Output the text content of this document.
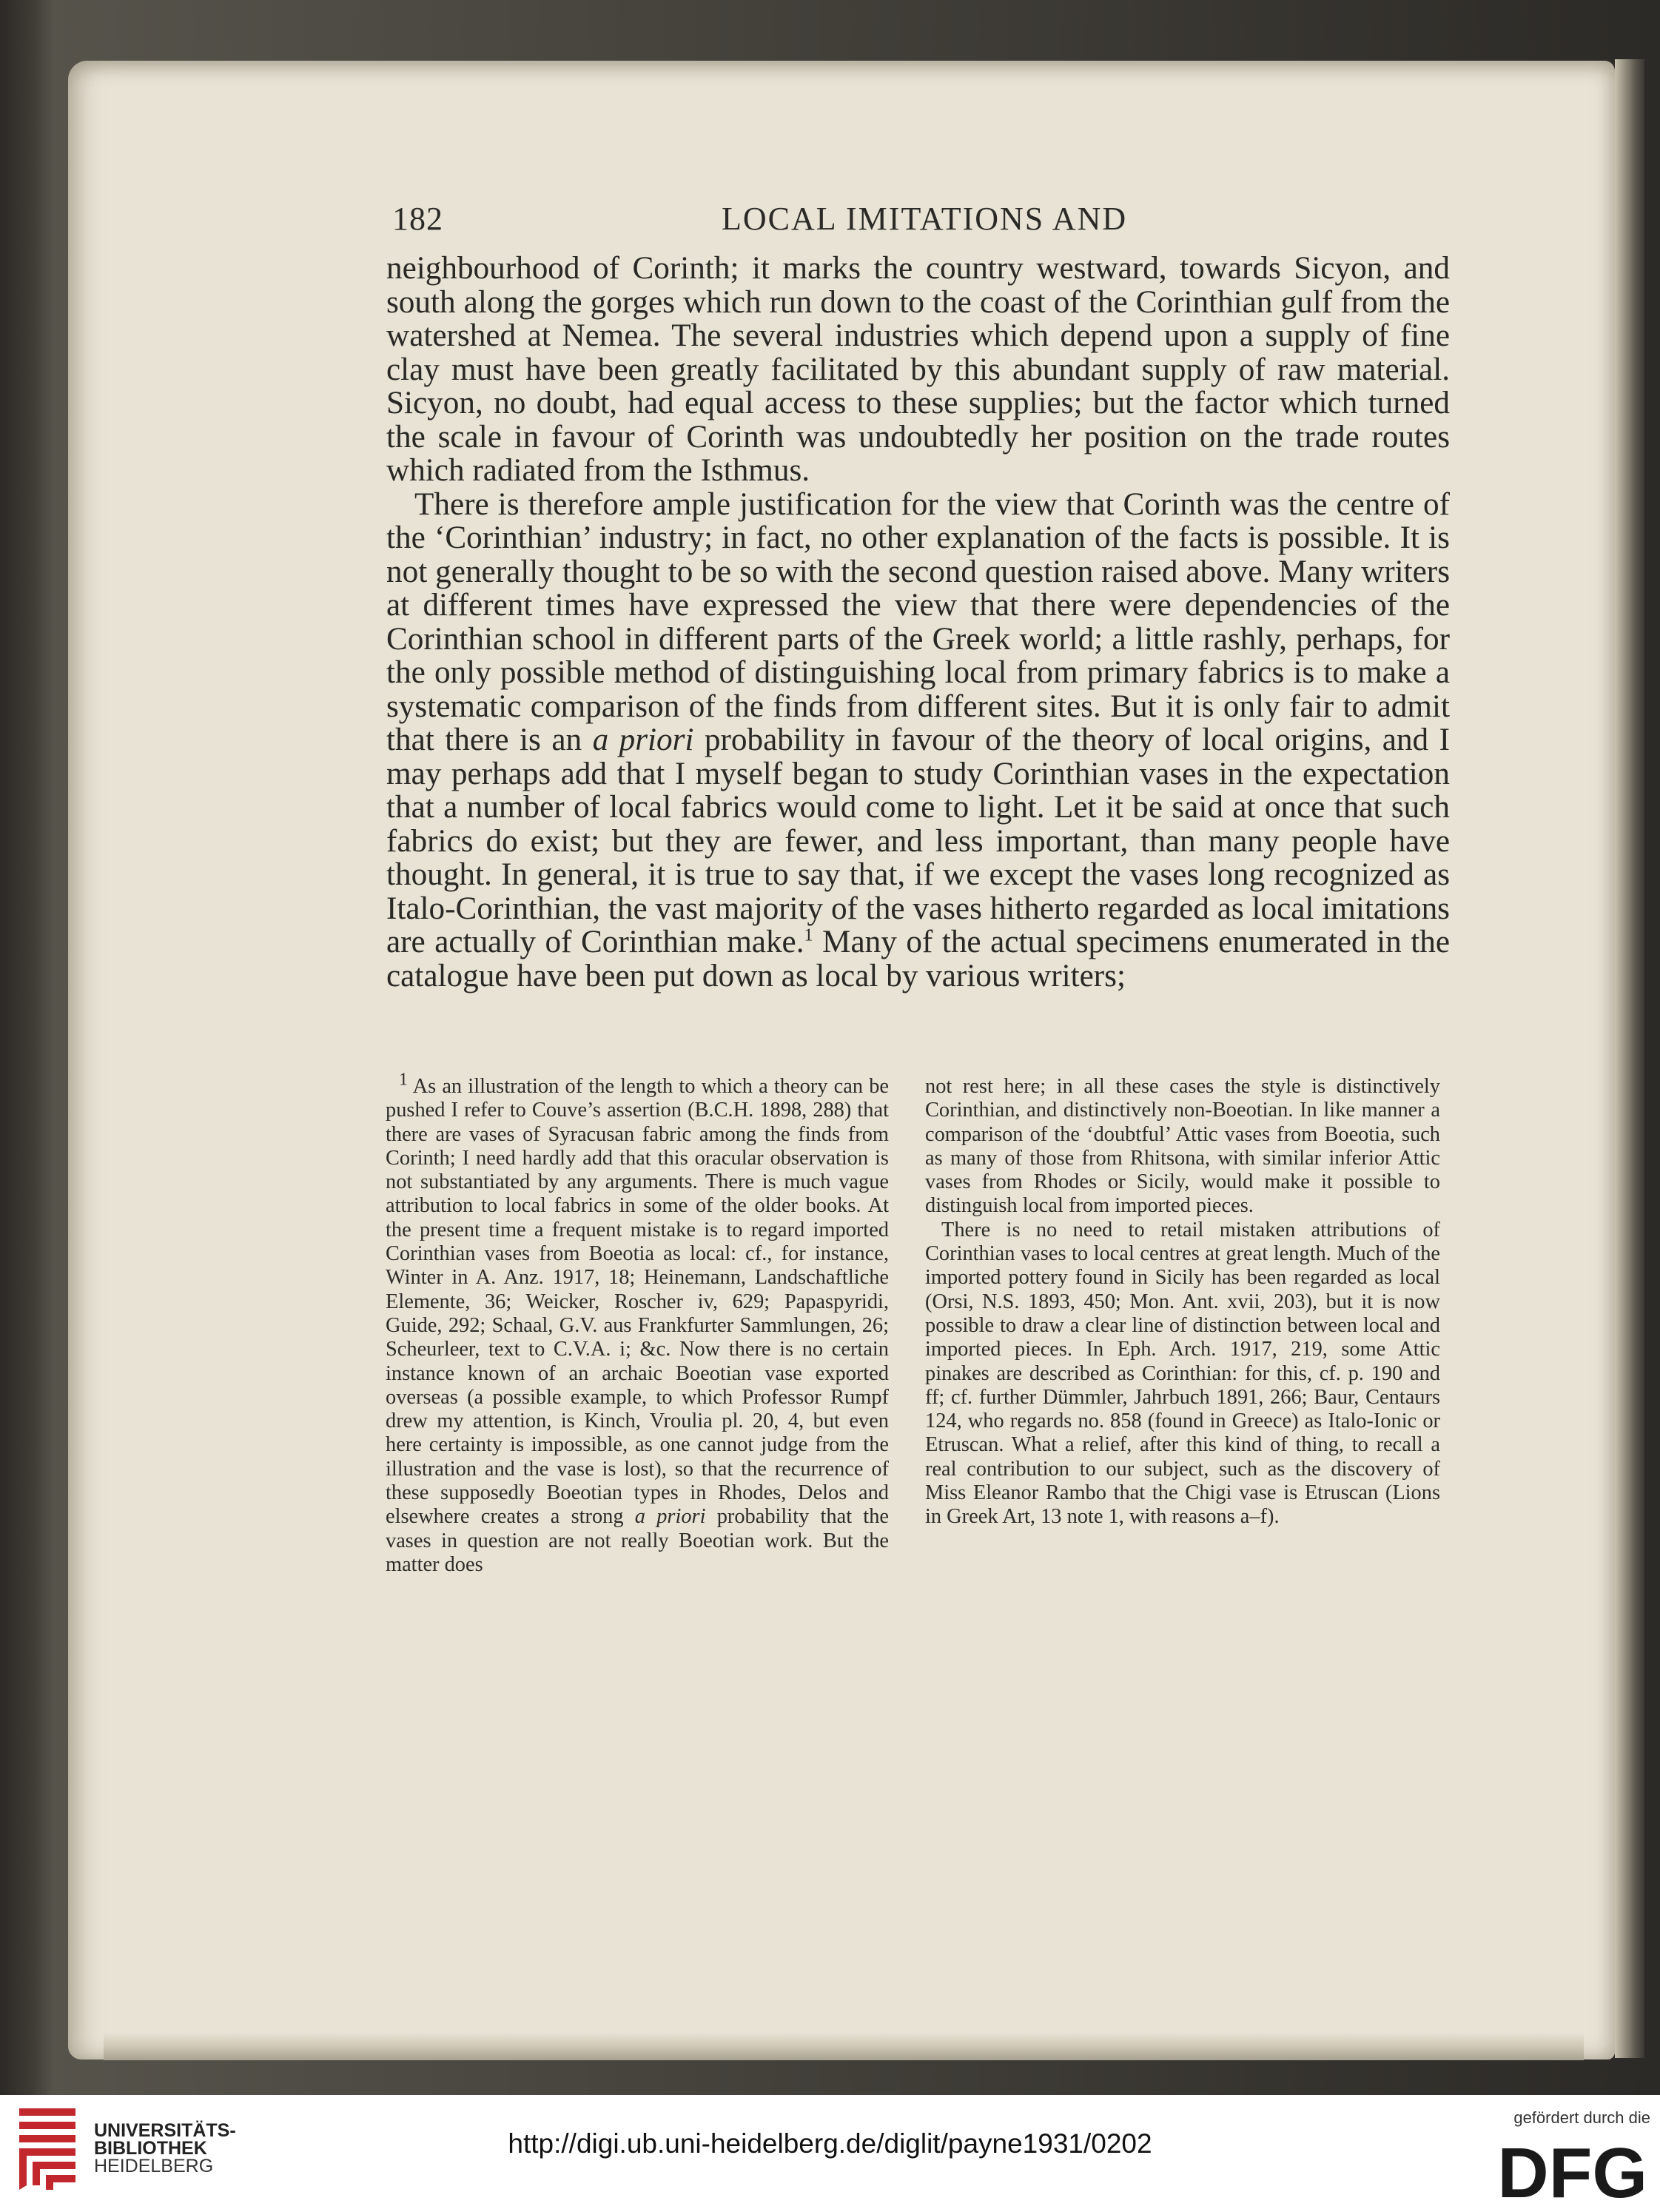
182	LOCAL IMITATIONS AND

neighbourhood of Corinth; it marks the country westward, towards Sicyon, and south along the gorges which run down to the coast of the Corinthian gulf from the watershed at Nemea. The several industries which depend upon a supply of fine clay must have been greatly facilitated by this abundant supply of raw material. Sicyon, no doubt, had equal access to these supplies; but the factor which turned the scale in favour of Corinth was undoubtedly her position on the trade routes which radiated from the Isthmus.

There is therefore ample justification for the view that Corinth was the centre of the ‘Corinthian’ industry; in fact, no other explanation of the facts is possible. It is not generally thought to be so with the second question raised above. Many writers at different times have expressed the view that there were dependencies of the Corinthian school in different parts of the Greek world; a little rashly, perhaps, for the only possible method of distinguishing local from primary fabrics is to make a systematic comparison of the finds from different sites. But it is only fair to admit that there is an a priori probability in favour of the theory of local origins, and I may perhaps add that I myself began to study Corinthian vases in the expectation that a number of local fabrics would come to light. Let it be said at once that such fabrics do exist; but they are fewer, and less important, than many people have thought. In general, it is true to say that, if we except the vases long recognized as Italo-Corinthian, the vast majority of the vases hitherto regarded as local imitations are actually of Corinthian make.$^1$ Many of the actual specimens enumerated in the catalogue have been put down as local by various writers;

$^1$ As an illustration of the length to which a theory can be pushed I refer to Couve’s assertion (B.C.H. 1898, 288) that there are vases of Syracusan fabric among the finds from Corinth; I need hardly add that this oracular observation is not substantiated by any arguments. There is much vague attribution to local fabrics in some of the older books. At the present time a frequent mistake is to regard imported Corinthian vases from Boeotia as local: cf., for instance, Winter in A. Anz. 1917, 18; Heinemann, Landschaftliche Elemente, 36; Weicker, Roscher iv, 629; Papaspyridi, Guide, 292; Schaal, G.V. aus Frankfurter Sammlungen, 26; Scheurleer, text to C.V.A. i; &c. Now there is no certain instance known of an archaic Boeotian vase exported overseas (a possible example, to which Professor Rumpf drew my attention, is Kinch, Vroulia pl. 20, 4, but even here certainty is impossible, as one cannot judge from the illustration and the vase is lost), so that the recurrence of these supposedly Boeotian types in Rhodes, Delos and elsewhere creates a strong a priori probability that the vases in question are not really Boeotian work. But the matter does

not rest here; in all these cases the style is distinctively Corinthian, and distinctively non-Boeotian. In like manner a comparison of the ‘doubtful’ Attic vases from Boeotia, such as many of those from Rhitsona, with similar inferior Attic vases from Rhodes or Sicily, would make it possible to distinguish local from imported pieces.

There is no need to retail mistaken attributions of Corinthian vases to local centres at great length. Much of the imported pottery found in Sicily has been regarded as local (Orsi, N.S. 1893, 450; Mon. Ant. xvii, 203), but it is now possible to draw a clear line of distinction between local and imported pieces. In Eph. Arch. 1917, 219, some Attic pinakes are described as Corinthian: for this, cf. p. 190 and ff; cf. further Dümmler, Jahrbuch 1891, 266; Baur, Centaurs 124, who regards no. 858 (found in Greece) as Italo-Ionic or Etruscan. What a relief, after this kind of thing, to recall a real contribution to our subject, such as the discovery of Miss Eleanor Rambo that the Chigi vase is Etruscan (Lions in Greek Art, 13 note 1, with reasons a–f).

UNIVERSITÄTS-
BIBLIOTHEK
HEIDELBERG
http://digi.ub.uni-heidelberg.de/diglit/payne1931/0202
gefördert durch die
DFG
